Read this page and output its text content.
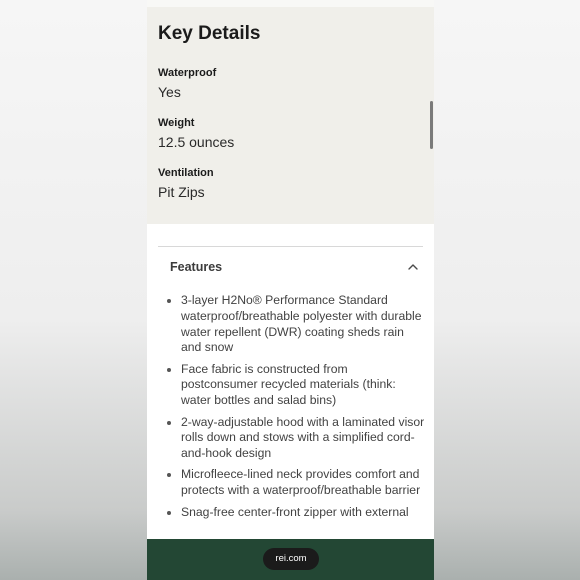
Key Details
Waterproof
Yes
Weight
12.5 ounces
Ventilation
Pit Zips
Features
• 3-layer H2No® Performance Standard waterproof/breathable polyester with durable water repellent (DWR) coating sheds rain and snow
• Face fabric is constructed from postconsumer recycled materials (think: water bottles and salad bins)
• 2-way-adjustable hood with a laminated visor rolls down and stows with a simplified cord-and-hook design
• Microfleece-lined neck provides comfort and protects with a waterproof/breathable barrier
• Snag-free center-front zipper with external
rei.com
